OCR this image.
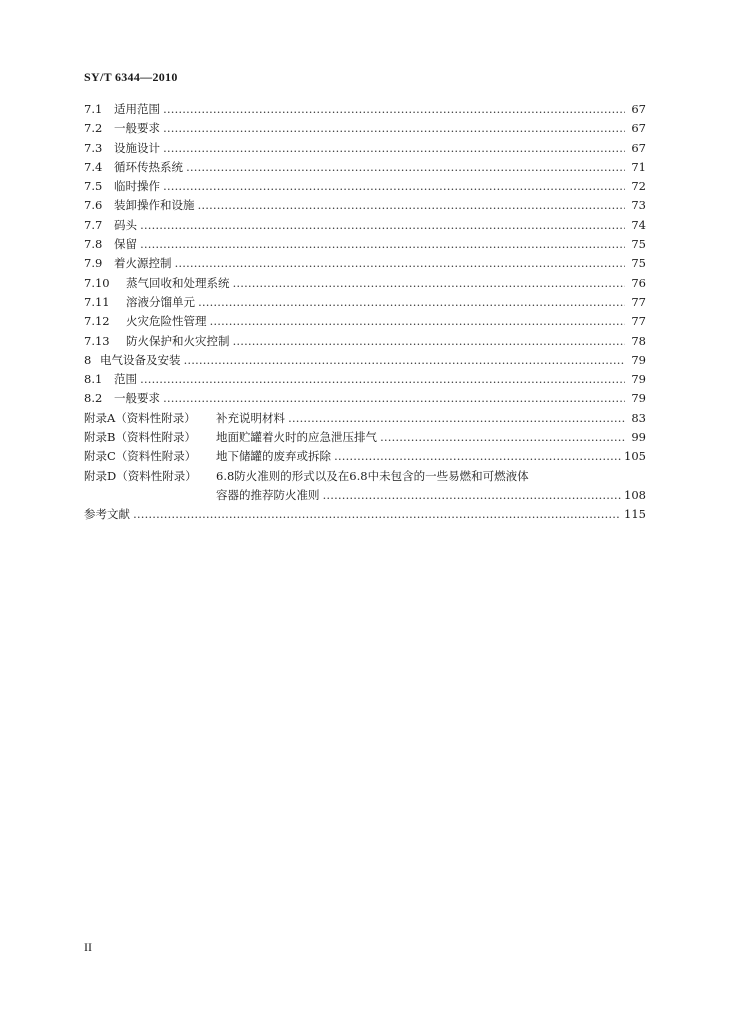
SY/T 6344—2010
7.1	适用范围 …………………………………………………………………………………………………………………………………………………………………………………………………………………	67
7.2	一般要求 …………………………………………………………………………………………………………………………………………………………………………………………………………………	67
7.3	设施设计 …………………………………………………………………………………………………………………………………………………………………………………………………………………	67
7.4	循环传热系统 …………………………………………………………………………………………………………………………………………………………………………………………………………………	71
7.5	临时操作 …………………………………………………………………………………………………………………………………………………………………………………………………………………	72
7.6	装卸操作和设施 …………………………………………………………………………………………………………………………………………………………………………………………………………………	73
7.7	码头 …………………………………………………………………………………………………………………………………………………………………………………………………………………	74
7.8	保留 …………………………………………………………………………………………………………………………………………………………………………………………………………………	75
7.9	着火源控制 …………………………………………………………………………………………………………………………………………………………………………………………………………………	75
7.10	蒸气回收和处理系统 …………………………………………………………………………………………………………………………………………………………………………………………………………………	76
7.11	溶液分馏单元 …………………………………………………………………………………………………………………………………………………………………………………………………………………	77
7.12	火灾危险性管理 …………………………………………………………………………………………………………………………………………………………………………………………………………………	77
7.13	防火保护和火灾控制 …………………………………………………………………………………………………………………………………………………………………………………………………………………	78
8 电气设备及安装 …………………………………………………………………………………………………………………………………………………………………………………………………………………	79
8.1	范围 …………………………………………………………………………………………………………………………………………………………………………………………………………………	79
8.2	一般要求 …………………………………………………………………………………………………………………………………………………………………………………………………………………	79
附录A（资料性附录）	补充说明材料 …………………………………………………………………………………………………………………………………………………………………………………………………………………	83
附录B（资料性附录）	地面贮罐着火时的应急泄压排气 …………………………………………………………………………………………………………………………………………………………………………………………………………………	99
附录C（资料性附录）	地下储罐的废弃或拆除 …………………………………………………………………………………………………………………………………………………………………………………………………………………	105
附录D（资料性附录）	6.8防火准则的形式以及在6.8中未包含的一些易燃和可燃液体
容器的推荐防火准则 …………………………………………………………………………………………………………………………………………………………………………………………………………………	108
参考文献 …………………………………………………………………………………………………………………………………………………………………………………………………………………	115
II
